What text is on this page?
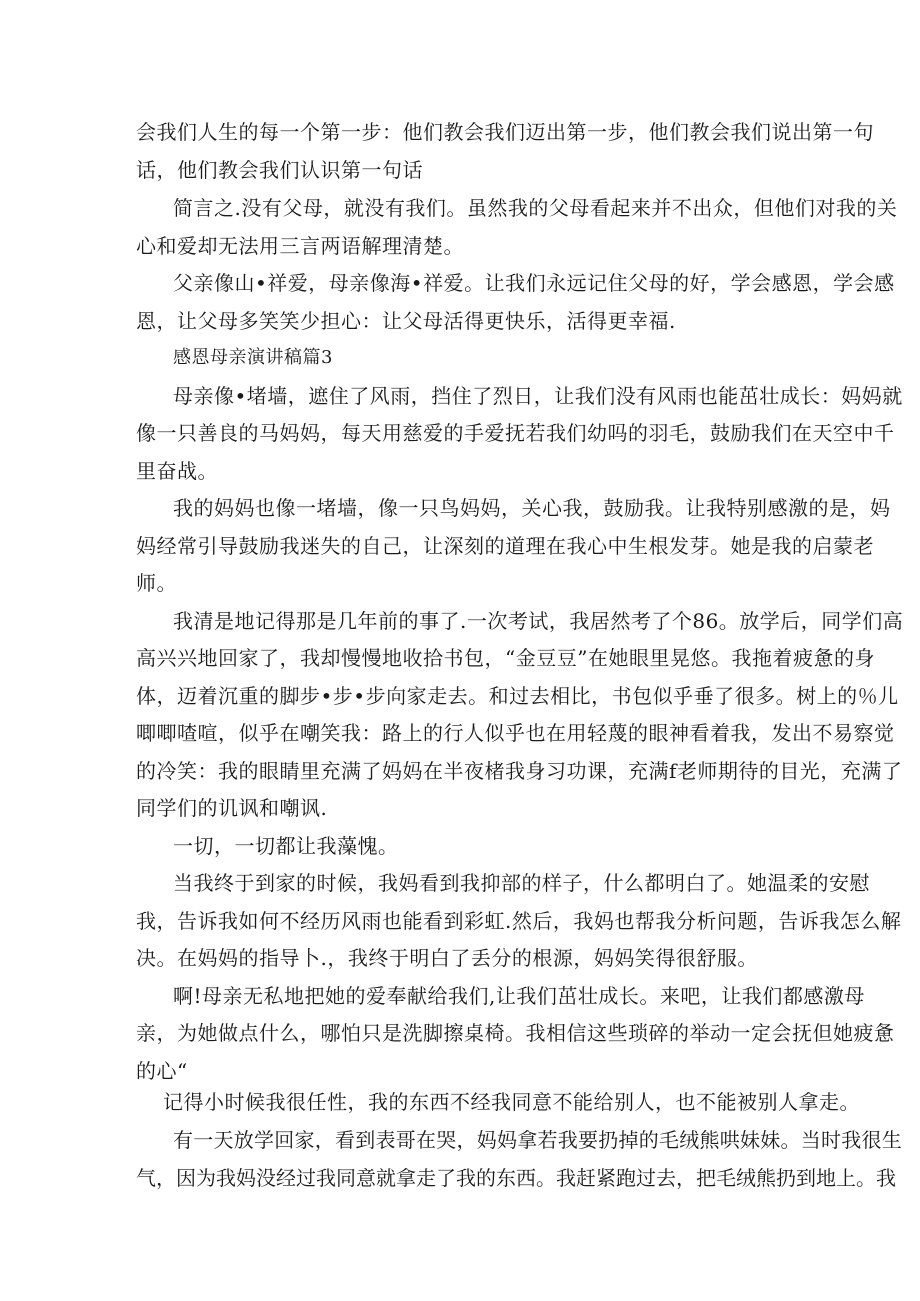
会我们人生的每一个第一步：他们教会我们迈出第一步，他们教会我们说出第一句

话，他们教会我们认识第一句话

简言之.没有父母，就没有我们。虽然我的父母看起来并不出众，但他们对我的关

心和爱却无法用三言两语解理清楚。

父亲像山•祥爱，母亲像海•祥爱。让我们永远记住父母的好，学会感恩，学会感

恩，让父母多笑笑少担心：让父母活得更快乐，活得更幸福.

感恩母亲演讲稿篇3

母亲像•堵墙，遮住了风雨，挡住了烈日，让我们没有风雨也能茁壮成长：妈妈就

像一只善良的马妈妈，每天用慈爱的手爱抚若我们幼吗的羽毛，鼓励我们在天空中千

里奋战。

我的妈妈也像一堵墙，像一只鸟妈妈，关心我，鼓励我。让我特别感激的是，妈

妈经常引导鼓励我迷失的自己，让深刻的道理在我心中生根发芽。她是我的启蒙老

师。

我清是地记得那是几年前的事了.一次考试，我居然考了个86。放学后，同学们高

高兴兴地回家了，我却慢慢地收拾书包，“金豆豆”在她眼里晃悠。我拖着疲惫的身

体，迈着沉重的脚步•步•步向家走去。和过去相比，书包似乎垂了很多。树上的％儿

唧唧喳喧，似乎在嘲笑我：路上的行人似乎也在用轻蔑的眼神看着我，发出不易察觉

的冷笑：我的眼睛里充满了妈妈在半夜楮我身习功课，充满f老师期待的目光，充满了

同学们的讥讽和嘲讽.

一切，一切都让我藻愧。

当我终于到家的时候，我妈看到我抑部的样子，什么都明白了。她温柔的安慰

我，告诉我如何不经历风雨也能看到彩虹.然后，我妈也帮我分析问题，告诉我怎么解

决。在妈妈的指导卜.，我终于明白了丢分的根源，妈妈笑得很舒服。

啊!母亲无私地把她的爱奉献给我们,让我们茁壮成长。来吧，让我们都感激母

亲，为她做点什么，哪怕只是洗脚擦桌椅。我相信这些琐碎的举动一定会抚但她疲惫

的心“

记得小时候我很任性，我的东西不经我同意不能给别人，也不能被别人拿走。

有一天放学回家，看到表哥在哭，妈妈拿若我要扔掉的毛绒熊哄妹妹。当时我很生

气，因为我妈没经过我同意就拿走了我的东西。我赶紧跑过去，把毛绒熊扔到地上。我
